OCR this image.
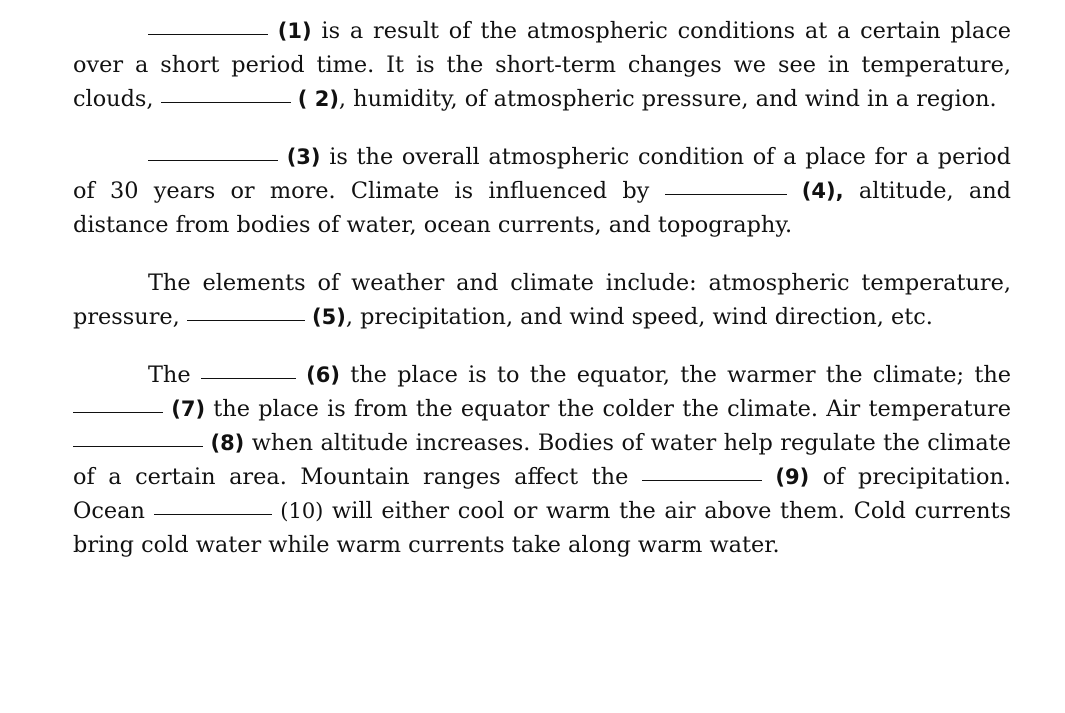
(1) is a result of the atmospheric conditions at a certain place over a short period time. It is the short-term changes we see in temperature, clouds,	( 2), humidity, of atmospheric pressure, and wind in a region.

(3) is the overall atmospheric condition of a place for a period of 30 years or more. Climate is influenced by	(4), altitude, and distance from bodies of water, ocean currents, and topography.

The elements of weather and climate include: atmospheric temperature, pressure,	(5), precipitation, and wind speed, wind direction, etc.

The	(6) the place is to the equator, the warmer the climate; the  (7) the place is from the equator the colder the climate. Air temperature  (8) when altitude increases. Bodies of water help regulate the climate of a certain area. Mountain ranges affect the	(9) of precipitation. Ocean	(10) will either cool or warm the air above them. Cold currents bring cold water while warm currents take along warm water.
